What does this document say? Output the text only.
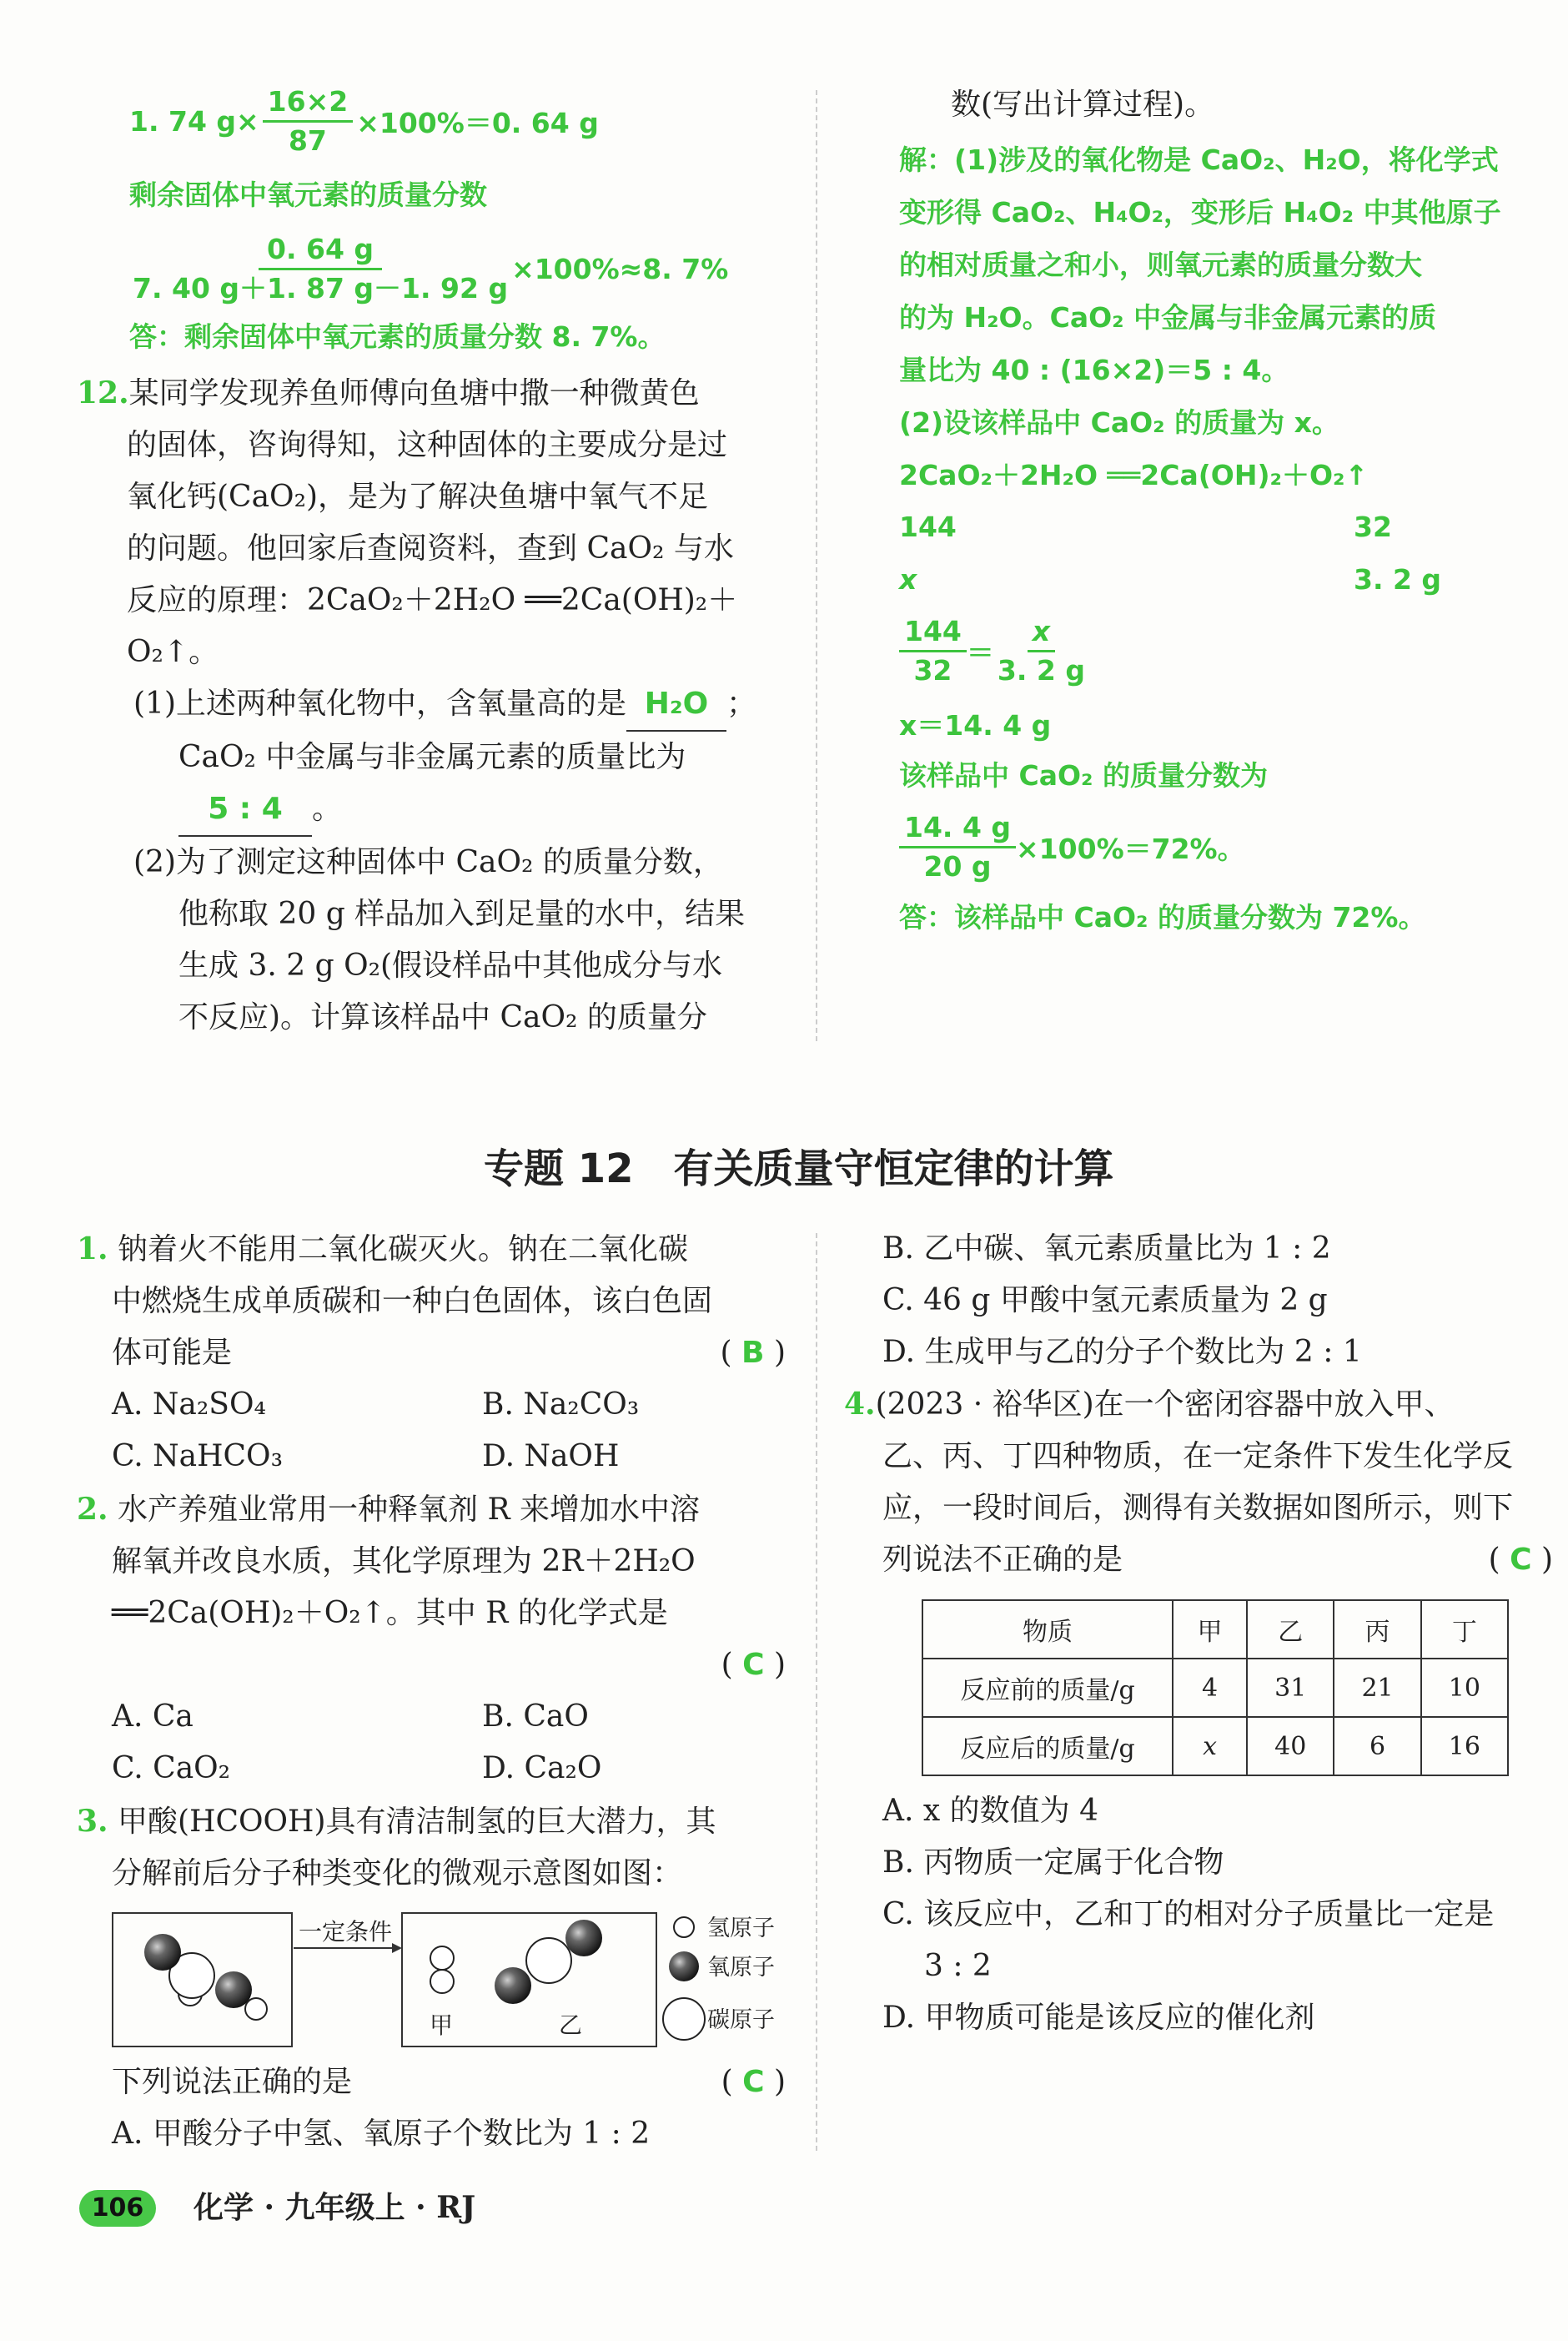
1. 74 $g\times \frac{16\times 2}{87} \times 100\%=0$. 64 g
剩余固体中氧元素的质量分数
$\frac{0. 64 g}{7. 40 g+1. 87 g-1. 92 g} \times 100\%\approx 8$. 7%
答：剩余固体中氧元素的质量分数 8. 7%。
12.某同学发现养鱼师傅向鱼塘中撒一种微黄色
的固体，咨询得知，这种固体的主要成分是过
氧化钙(CaO₂)，是为了解决鱼塘中氧气不足
的问题。他回家后查阅资料，查到 CaO₂ 与水
反应的原理：2CaO₂＋2H₂O ══2Ca(OH)₂＋
O₂↑。
(1)上述两种氧化物中，含氧量高的是 H₂O ；
CaO₂ 中金属与非金属元素的质量比为
5 : 4 。
(2)为了测定这种固体中 CaO₂ 的质量分数，
他称取 20 g 样品加入到足量的水中，结果
生成 3. 2 g O₂(假设样品中其他成分与水
不反应)。计算该样品中 CaO₂ 的质量分
数(写出计算过程)。
解：(1)涉及的氧化物是 CaO₂、H₂O，将化学式
变形得 CaO₂、H₄O₂，变形后 H₄O₂ 中其他原子
的相对质量之和小，则氧元素的质量分数大
的为 H₂O。CaO₂ 中金属与非金属元素的质
量比为 40 : (16×2)＝5 : 4。
(2)设该样品中 CaO₂ 的质量为 x。
2CaO₂＋2H₂O ══2Ca(OH)₂＋O₂↑
144	32
x	3. 2 g
$\frac{144}{32} = \frac{x}{3. 2 g}$
x＝14. 4 g
该样品中 CaO₂ 的质量分数为
$\frac{14. 4 g}{20 g} \times 100\%=72\%$。
答：该样品中 CaO₂ 的质量分数为 72%。
专题 12　有关质量守恒定律的计算
1. 钠着火不能用二氧化碳灭火。钠在二氧化碳
中燃烧生成单质碳和一种白色固体，该白色固
体可能是	( B )
A. Na₂SO₄	B. Na₂CO₃
C. NaHCO₃	D. NaOH
2. 水产养殖业常用一种释氧剂 R 来增加水中溶
解氧并改良水质，其化学原理为 2R＋2H₂O
══2Ca(OH)₂＋O₂↑。其中 R 的化学式是
( C )
A. Ca	B. CaO
C. CaO₂	D. Ca₂O
3. 甲酸(HCOOH)具有清洁制氢的巨大潜力，其
分解前后分子种类变化的微观示意图如图：
一定条件
甲	乙
氢原子
氧原子
碳原子
下列说法正确的是	( C )
A. 甲酸分子中氢、氧原子个数比为 1 : 2
B. 乙中碳、氧元素质量比为 1 : 2
C. 46 g 甲酸中氢元素质量为 2 g
D. 生成甲与乙的分子个数比为 2 : 1
4.(2023 · 裕华区)在一个密闭容器中放入甲、
乙、丙、丁四种物质，在一定条件下发生化学反
应，一段时间后，测得有关数据如图所示，则下
列说法不正确的是	( C )
物质	甲	乙	丙	丁
反应前的质量/g	4	31	21	10
反应后的质量/g	x	40	6	16
A. x 的数值为 4
B. 丙物质一定属于化合物
C. 该反应中，乙和丁的相对分子质量比一定是
3 : 2
D. 甲物质可能是该反应的催化剂
106	化学 · 九年级上 · RJ
